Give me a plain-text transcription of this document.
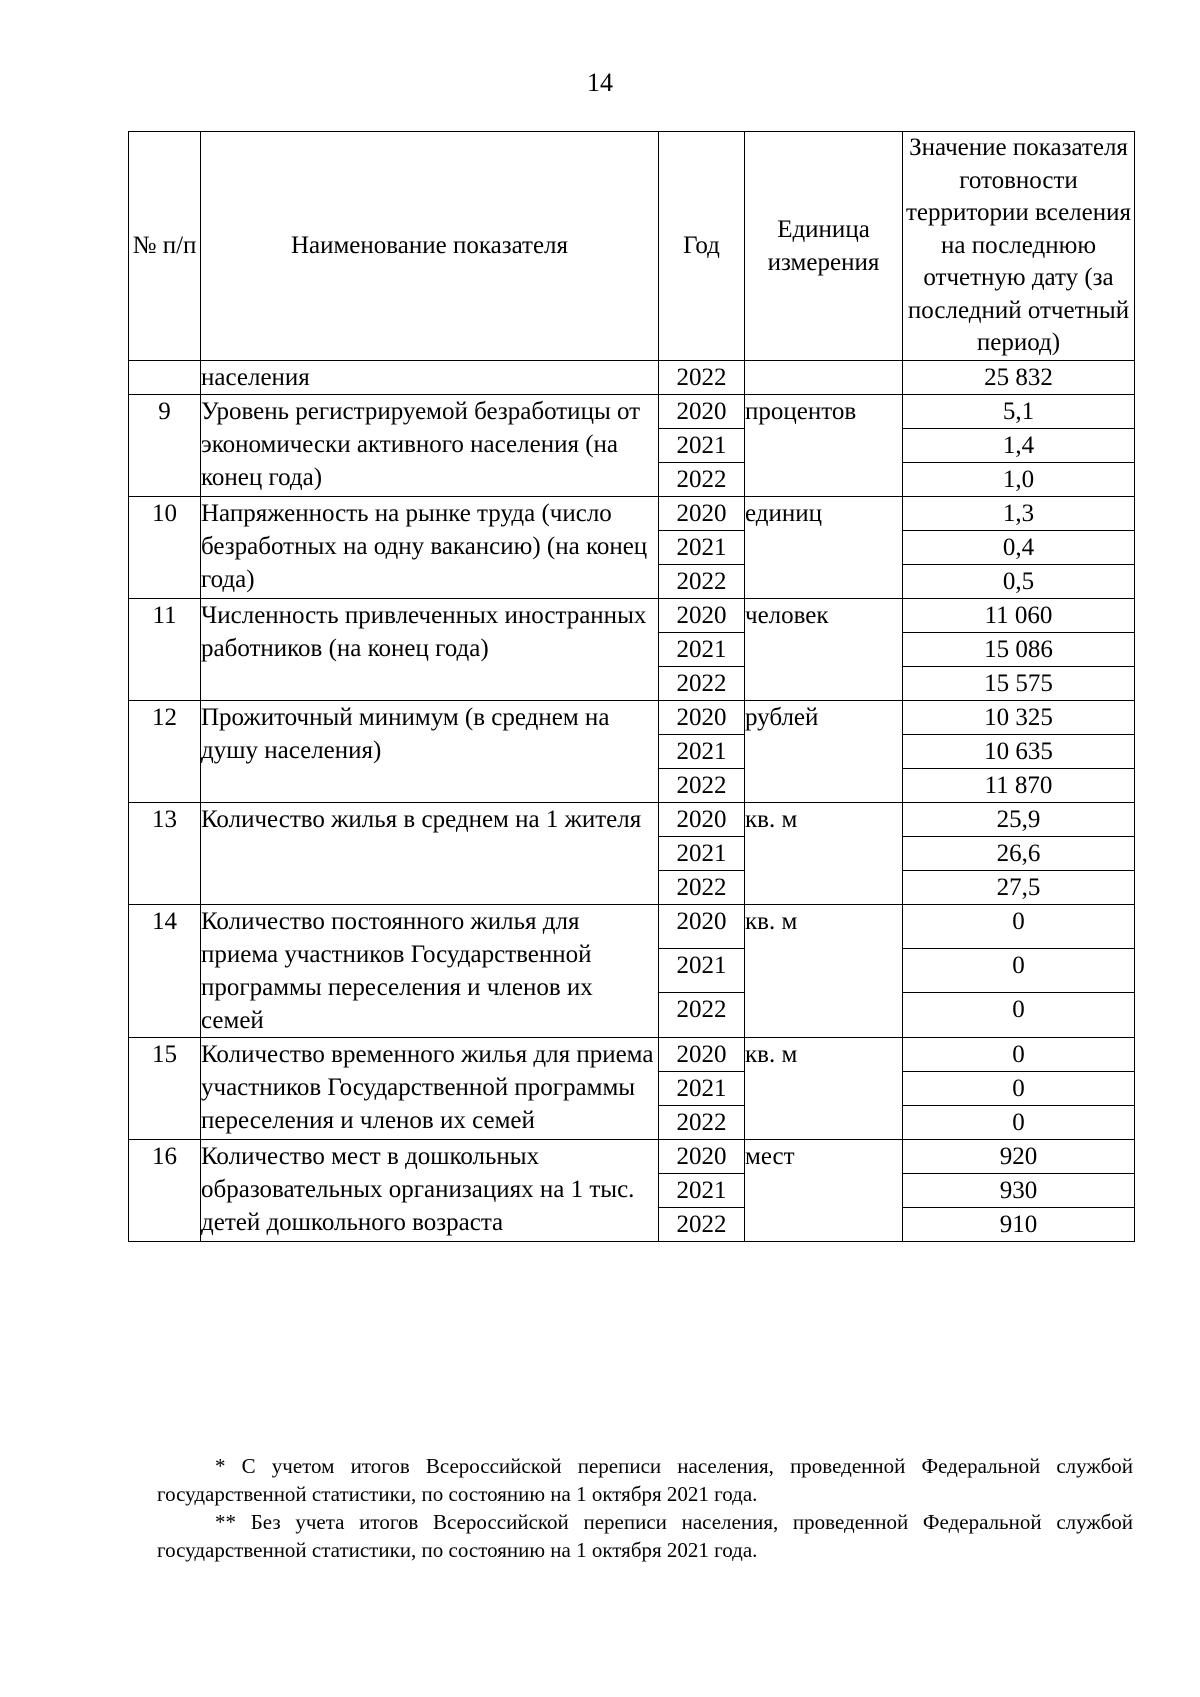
14
№ п/п	Наименование показателя	Год	Единица измерения	Значение показателя готовности территории вселения на последнюю отчетную дату (за последний отчетный период)
	населения	2022		25 832
9	Уровень регистрируемой безработицы от экономически активного населения (на конец года)	2020	процентов	5,1
		2021		1,4
		2022		1,0
10	Напряженность на рынке труда (число безработных на одну вакансию) (на конец года)	2020	единиц	1,3
		2021		0,4
		2022		0,5
11	Численность привлеченных иностранных работников (на конец года)	2020	человек	11 060
		2021		15 086
		2022		15 575
12	Прожиточный минимум (в среднем на душу населения)	2020	рублей	10 325
		2021		10 635
		2022		11 870
13	Количество жилья в среднем на 1 жителя	2020	кв. м	25,9
		2021		26,6
		2022		27,5
14	Количество постоянного жилья для приема участников Государственной программы переселения и членов их семей	2020	кв. м	0
		2021		0
		2022		0
15	Количество временного жилья для приема участников Государственной программы переселения и членов их семей	2020	кв. м	0
		2021		0
		2022		0
16	Количество мест в дошкольных образовательных организациях на 1 тыс. детей дошкольного возраста	2020	мест	920
		2021		930
		2022		910

* С учетом итогов Всероссийской переписи населения, проведенной Федеральной службой государственной статистики, по состоянию на 1 октября 2021 года.

** Без учета итогов Всероссийской переписи населения, проведенной Федеральной службой государственной статистики, по состоянию на 1 октября 2021 года.
